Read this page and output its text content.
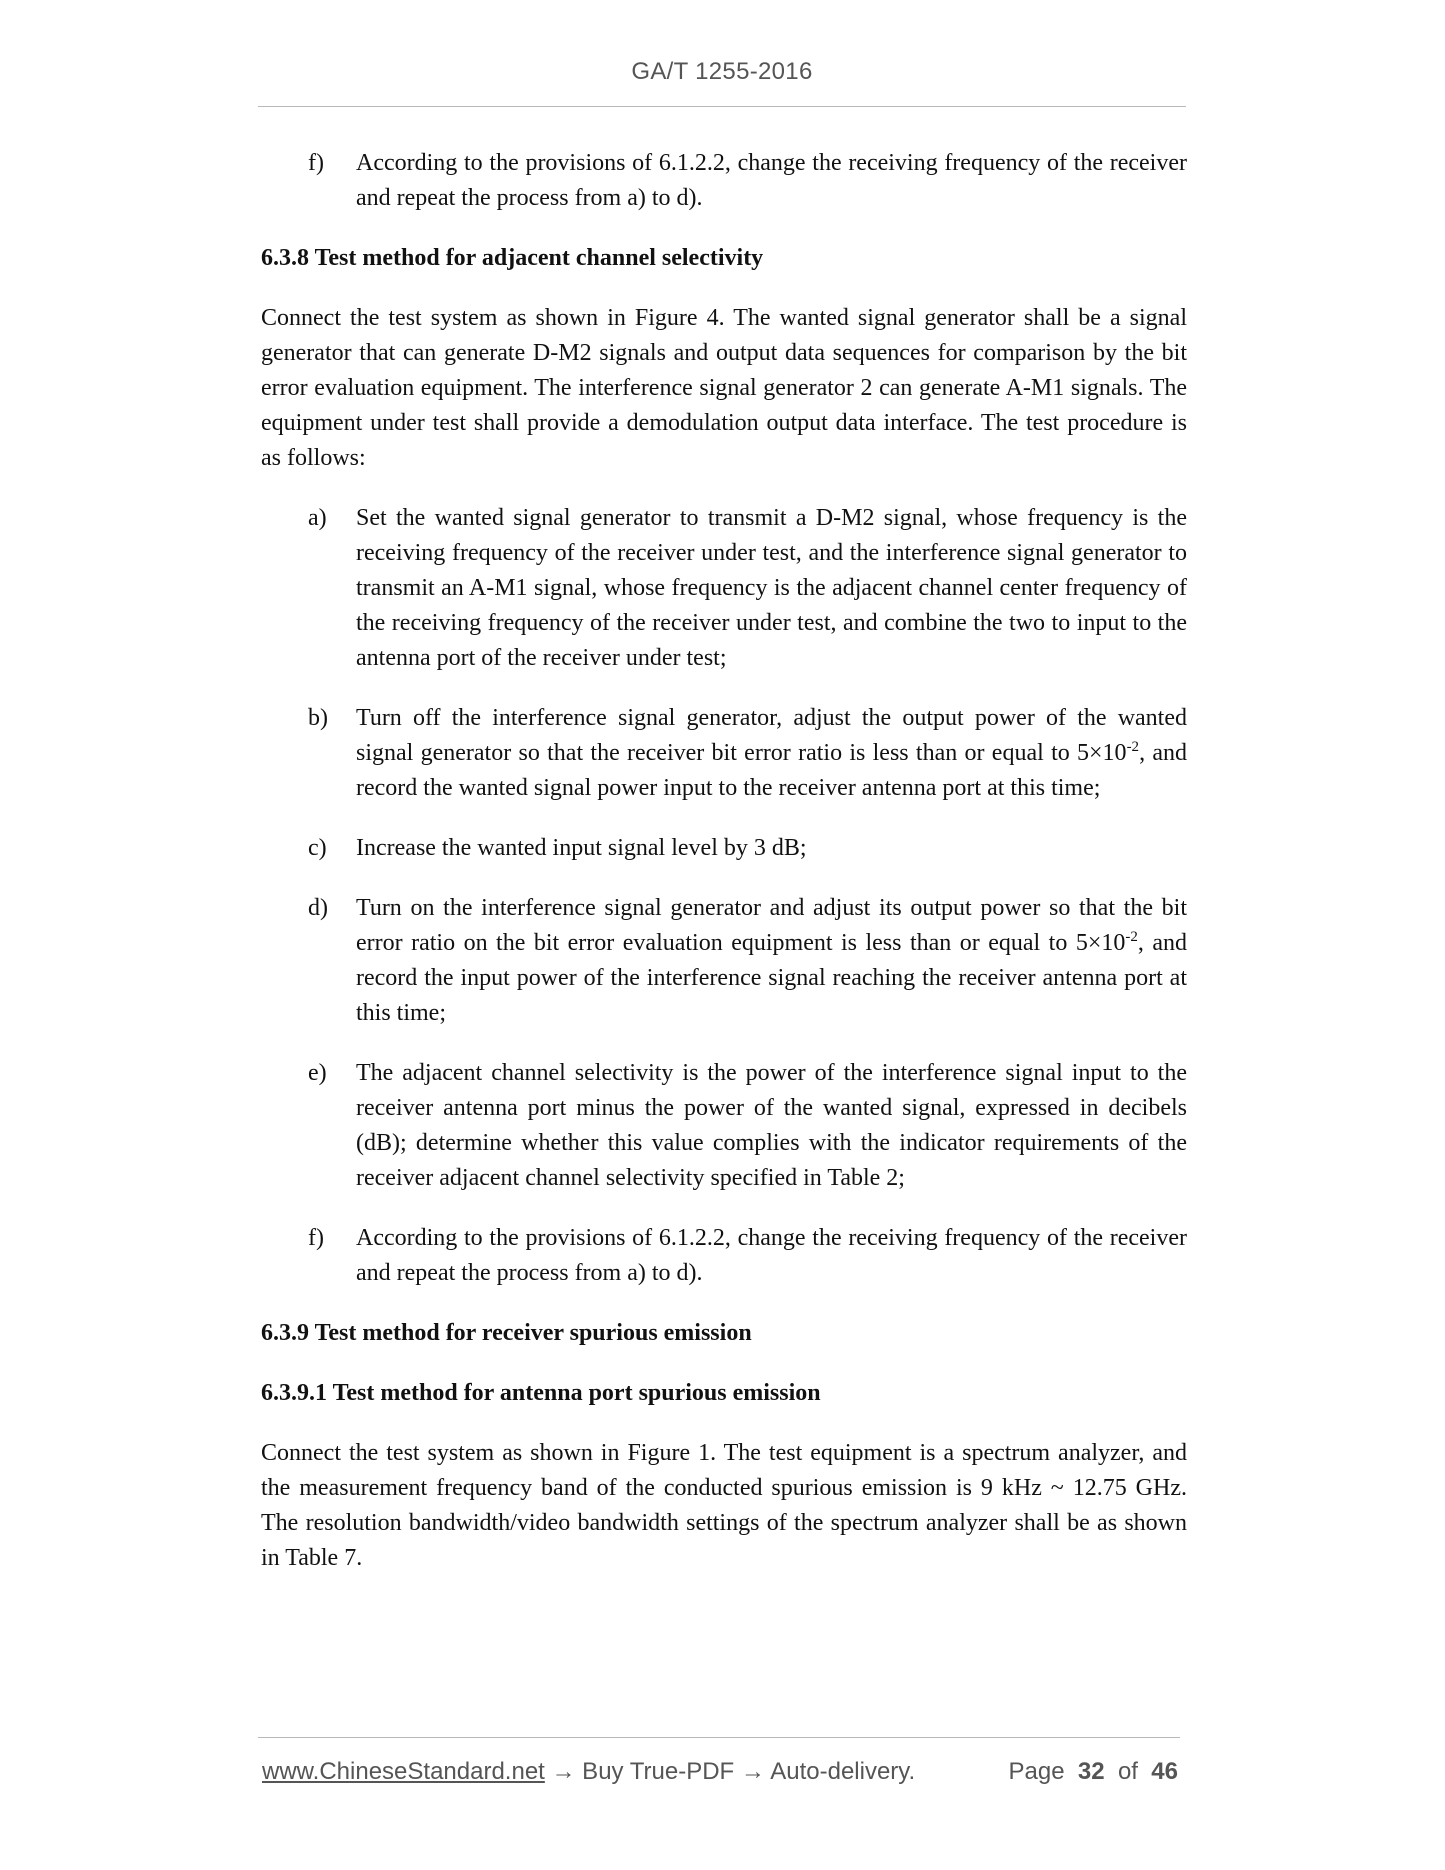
GA/T 1255-2016
f)	According to the provisions of 6.1.2.2, change the receiving frequency of the receiver and repeat the process from a) to d).
6.3.8 Test method for adjacent channel selectivity
Connect the test system as shown in Figure 4. The wanted signal generator shall be a signal generator that can generate D-M2 signals and output data sequences for comparison by the bit error evaluation equipment. The interference signal generator 2 can generate A-M1 signals. The equipment under test shall provide a demodulation output data interface. The test procedure is as follows:
a)	Set the wanted signal generator to transmit a D-M2 signal, whose frequency is the receiving frequency of the receiver under test, and the interference signal generator to transmit an A-M1 signal, whose frequency is the adjacent channel center frequency of the receiving frequency of the receiver under test, and combine the two to input to the antenna port of the receiver under test;
b)	Turn off the interference signal generator, adjust the output power of the wanted signal generator so that the receiver bit error ratio is less than or equal to $5\times 10^{-2}$, and record the wanted signal power input to the receiver antenna port at this time;
c)	Increase the wanted input signal level by 3 dB;
d)	Turn on the interference signal generator and adjust its output power so that the bit error ratio on the bit error evaluation equipment is less than or equal to $5\times 10^{-2}$, and record the input power of the interference signal reaching the receiver antenna port at this time;
e)	The adjacent channel selectivity is the power of the interference signal input to the receiver antenna port minus the power of the wanted signal, expressed in decibels (dB); determine whether this value complies with the indicator requirements of the receiver adjacent channel selectivity specified in Table 2;
f)	According to the provisions of 6.1.2.2, change the receiving frequency of the receiver and repeat the process from a) to d).
6.3.9 Test method for receiver spurious emission
6.3.9.1 Test method for antenna port spurious emission
Connect the test system as shown in Figure 1. The test equipment is a spectrum analyzer, and the measurement frequency band of the conducted spurious emission is 9 kHz ~ 12.75 GHz. The resolution bandwidth/video bandwidth settings of the spectrum analyzer shall be as shown in Table 7.
www.ChineseStandard.net → Buy True-PDF → Auto-delivery.	Page 32 of 46
